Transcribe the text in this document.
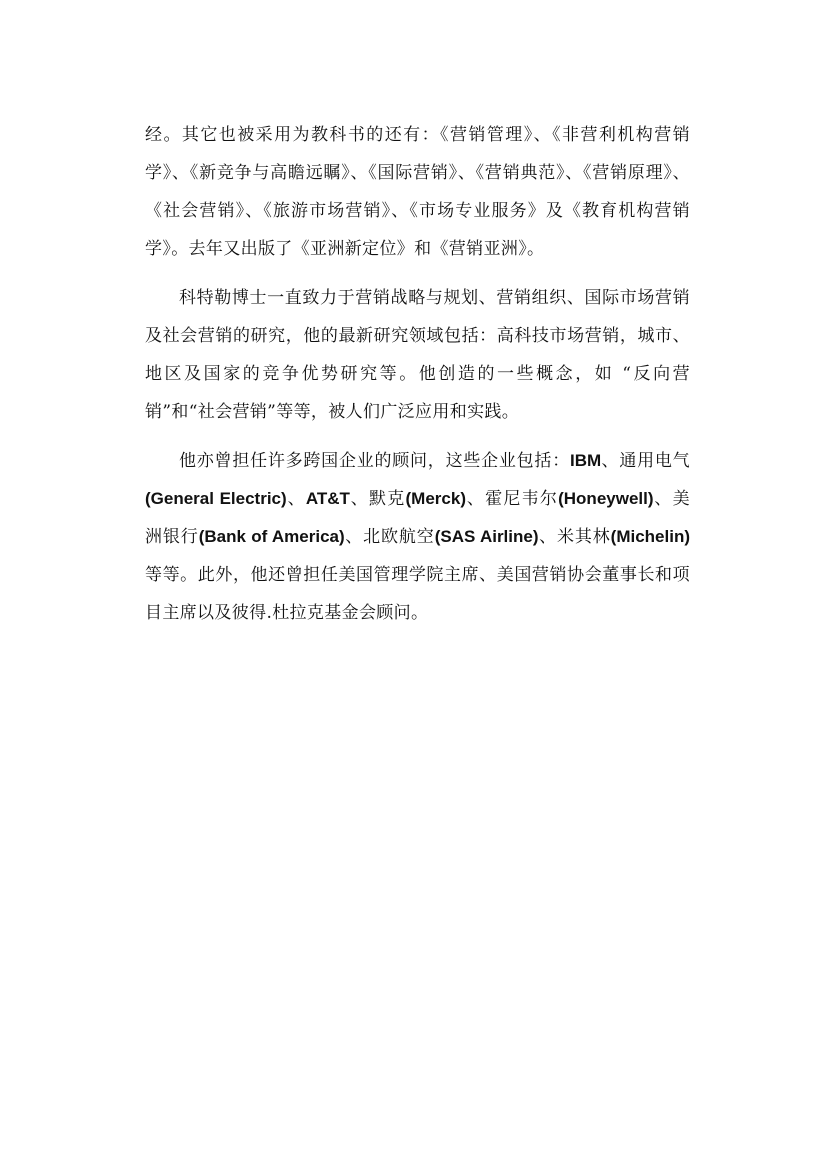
经。其它也被采用为教科书的还有：《营销管理》、《非营利机构营销学》、《新竞争与高瞻远瞩》、《国际营销》、《营销典范》、《营销原理》、《社会营销》、《旅游市场营销》、《市场专业服务》及《教育机构营销学》。去年又出版了《亚洲新定位》和《营销亚洲》。

科特勒博士一直致力于营销战略与规划、营销组织、国际市场营销及社会营销的研究，他的最新研究领域包括：高科技市场营销，城市、地区及国家的竞争优势研究等。他创造的一些概念，如 “反向营销”和“社会营销”等等，被人们广泛应用和实践。

他亦曾担任许多跨国企业的顾问，这些企业包括：IBM、通用电气(General Electric)、AT&T、默克(Merck)、霍尼韦尔(Honeywell)、美洲银行(Bank of America)、北欧航空(SAS Airline)、米其林(Michelin)等等。此外，他还曾担任美国管理学院主席、美国营销协会董事长和项目主席以及彼得.杜拉克基金会顾问。
